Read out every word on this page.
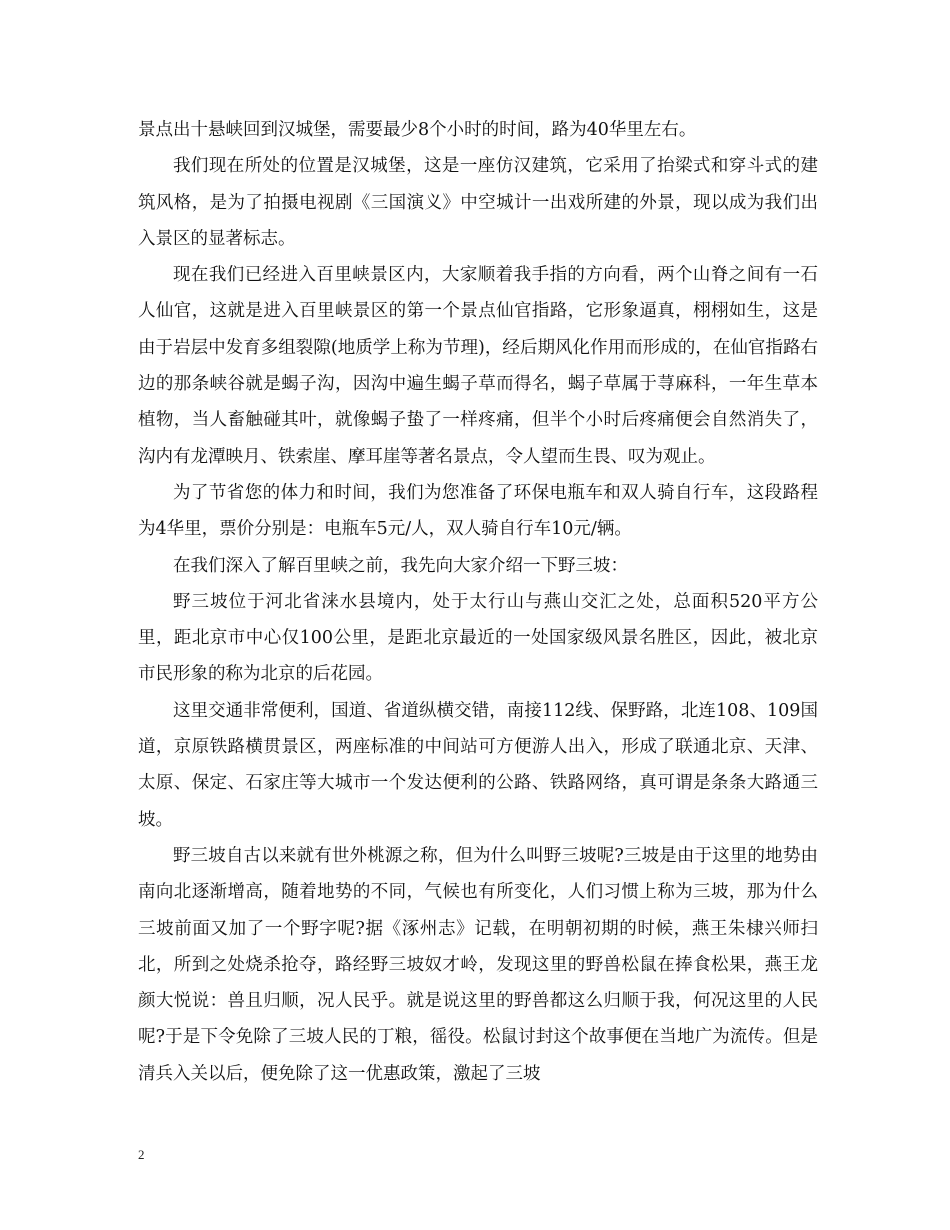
景点出十悬峡回到汉城堡，需要最少8个小时的时间，路为40华里左右。

我们现在所处的位置是汉城堡，这是一座仿汉建筑，它采用了抬梁式和穿斗式的建筑风格，是为了拍摄电视剧《三国演义》中空城计一出戏所建的外景，现以成为我们出入景区的显著标志。

现在我们已经进入百里峡景区内，大家顺着我手指的方向看，两个山脊之间有一石人仙官，这就是进入百里峡景区的第一个景点仙官指路，它形象逼真，栩栩如生，这是由于岩层中发育多组裂隙(地质学上称为节理)，经后期风化作用而形成的，在仙官指路右边的那条峡谷就是蝎子沟，因沟中遍生蝎子草而得名，蝎子草属于荨麻科，一年生草本植物，当人畜触碰其叶，就像蝎子蛰了一样疼痛，但半个小时后疼痛便会自然消失了，沟内有龙潭映月、铁索崖、摩耳崖等著名景点，令人望而生畏、叹为观止。

为了节省您的体力和时间，我们为您准备了环保电瓶车和双人骑自行车，这段路程为4华里，票价分别是：电瓶车5元/人，双人骑自行车10元/辆。

在我们深入了解百里峡之前，我先向大家介绍一下野三坡：

野三坡位于河北省涞水县境内，处于太行山与燕山交汇之处，总面积520平方公里，距北京市中心仅100公里，是距北京最近的一处国家级风景名胜区，因此，被北京市民形象的称为北京的后花园。

这里交通非常便利，国道、省道纵横交错，南接112线、保野路，北连108、109国道，京原铁路横贯景区，两座标准的中间站可方便游人出入，形成了联通北京、天津、太原、保定、石家庄等大城市一个发达便利的公路、铁路网络，真可谓是条条大路通三坡。

野三坡自古以来就有世外桃源之称，但为什么叫野三坡呢?三坡是由于这里的地势由南向北逐渐增高，随着地势的不同，气候也有所变化，人们习惯上称为三坡，那为什么三坡前面又加了一个野字呢?据《涿州志》记载，在明朝初期的时候，燕王朱棣兴师扫北，所到之处烧杀抢夺，路经野三坡奴才岭，发现这里的野兽松鼠在捧食松果，燕王龙颜大悦说：兽且归顺，况人民乎。就是说这里的野兽都这么归顺于我，何况这里的人民呢?于是下令免除了三坡人民的丁粮，徭役。松鼠讨封这个故事便在当地广为流传。但是清兵入关以后，便免除了这一优惠政策，激起了三坡

2
